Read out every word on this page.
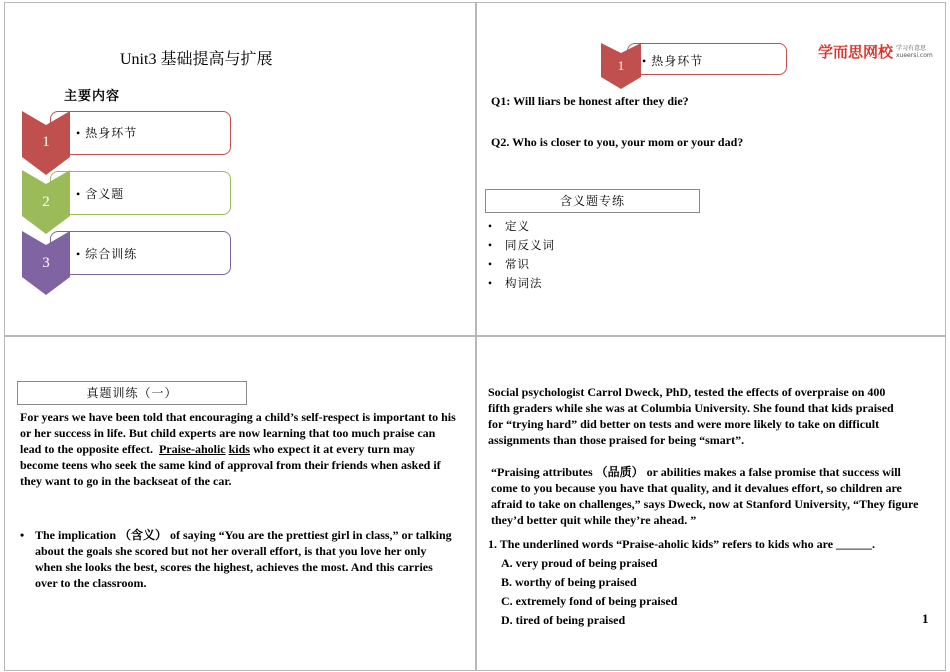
Unit3 基础提高与扩展
主要内容
1
• 热身环节
2	• 含义题
3
• 综合训练
1	• 热身环节	学而思网校 学习有意思
xueersi.com
Q1: Will liars be honest after they die?
Q2. Who is closer to you, your mom or your dad?
含义题专练
• 定义
• 同反义词
• 常识
• 构词法
真题训练（一）
For years we have been told that encouraging a child’s self-respect is important to his or her success in life. But child experts are now learning that too much praise can lead to the opposite effect. Praise-aholic kids who expect it at every turn may become teens who seek the same kind of approval from their friends when asked if they want to go in the backseat of the car.
• The implication （含义） of saying “You are the prettiest girl in class,” or talking about the goals she scored but not her overall effort, is that you love her only when she looks the best, scores the highest, achieves the most. And this carries over to the classroom.
Social psychologist Carrol Dweck, PhD, tested the effects of overpraise on 400 fifth graders while she was at Columbia University. She found that kids praised for “trying hard” did better on tests and were more likely to take on difficult assignments than those praised for being “smart”.
“Praising attributes （品质） or abilities makes a false promise that success will come to you because you have that quality, and it devalues effort, so children are afraid to take on challenges,” says Dweck, now at Stanford University, “They figure they’d better quit while they’re ahead. ”
1. The underlined words “Praise-aholic kids” refers to kids who are ______.
A. very proud of being praised
B. worthy of being praised
C. extremely fond of being praised
D. tired of being praised	1
